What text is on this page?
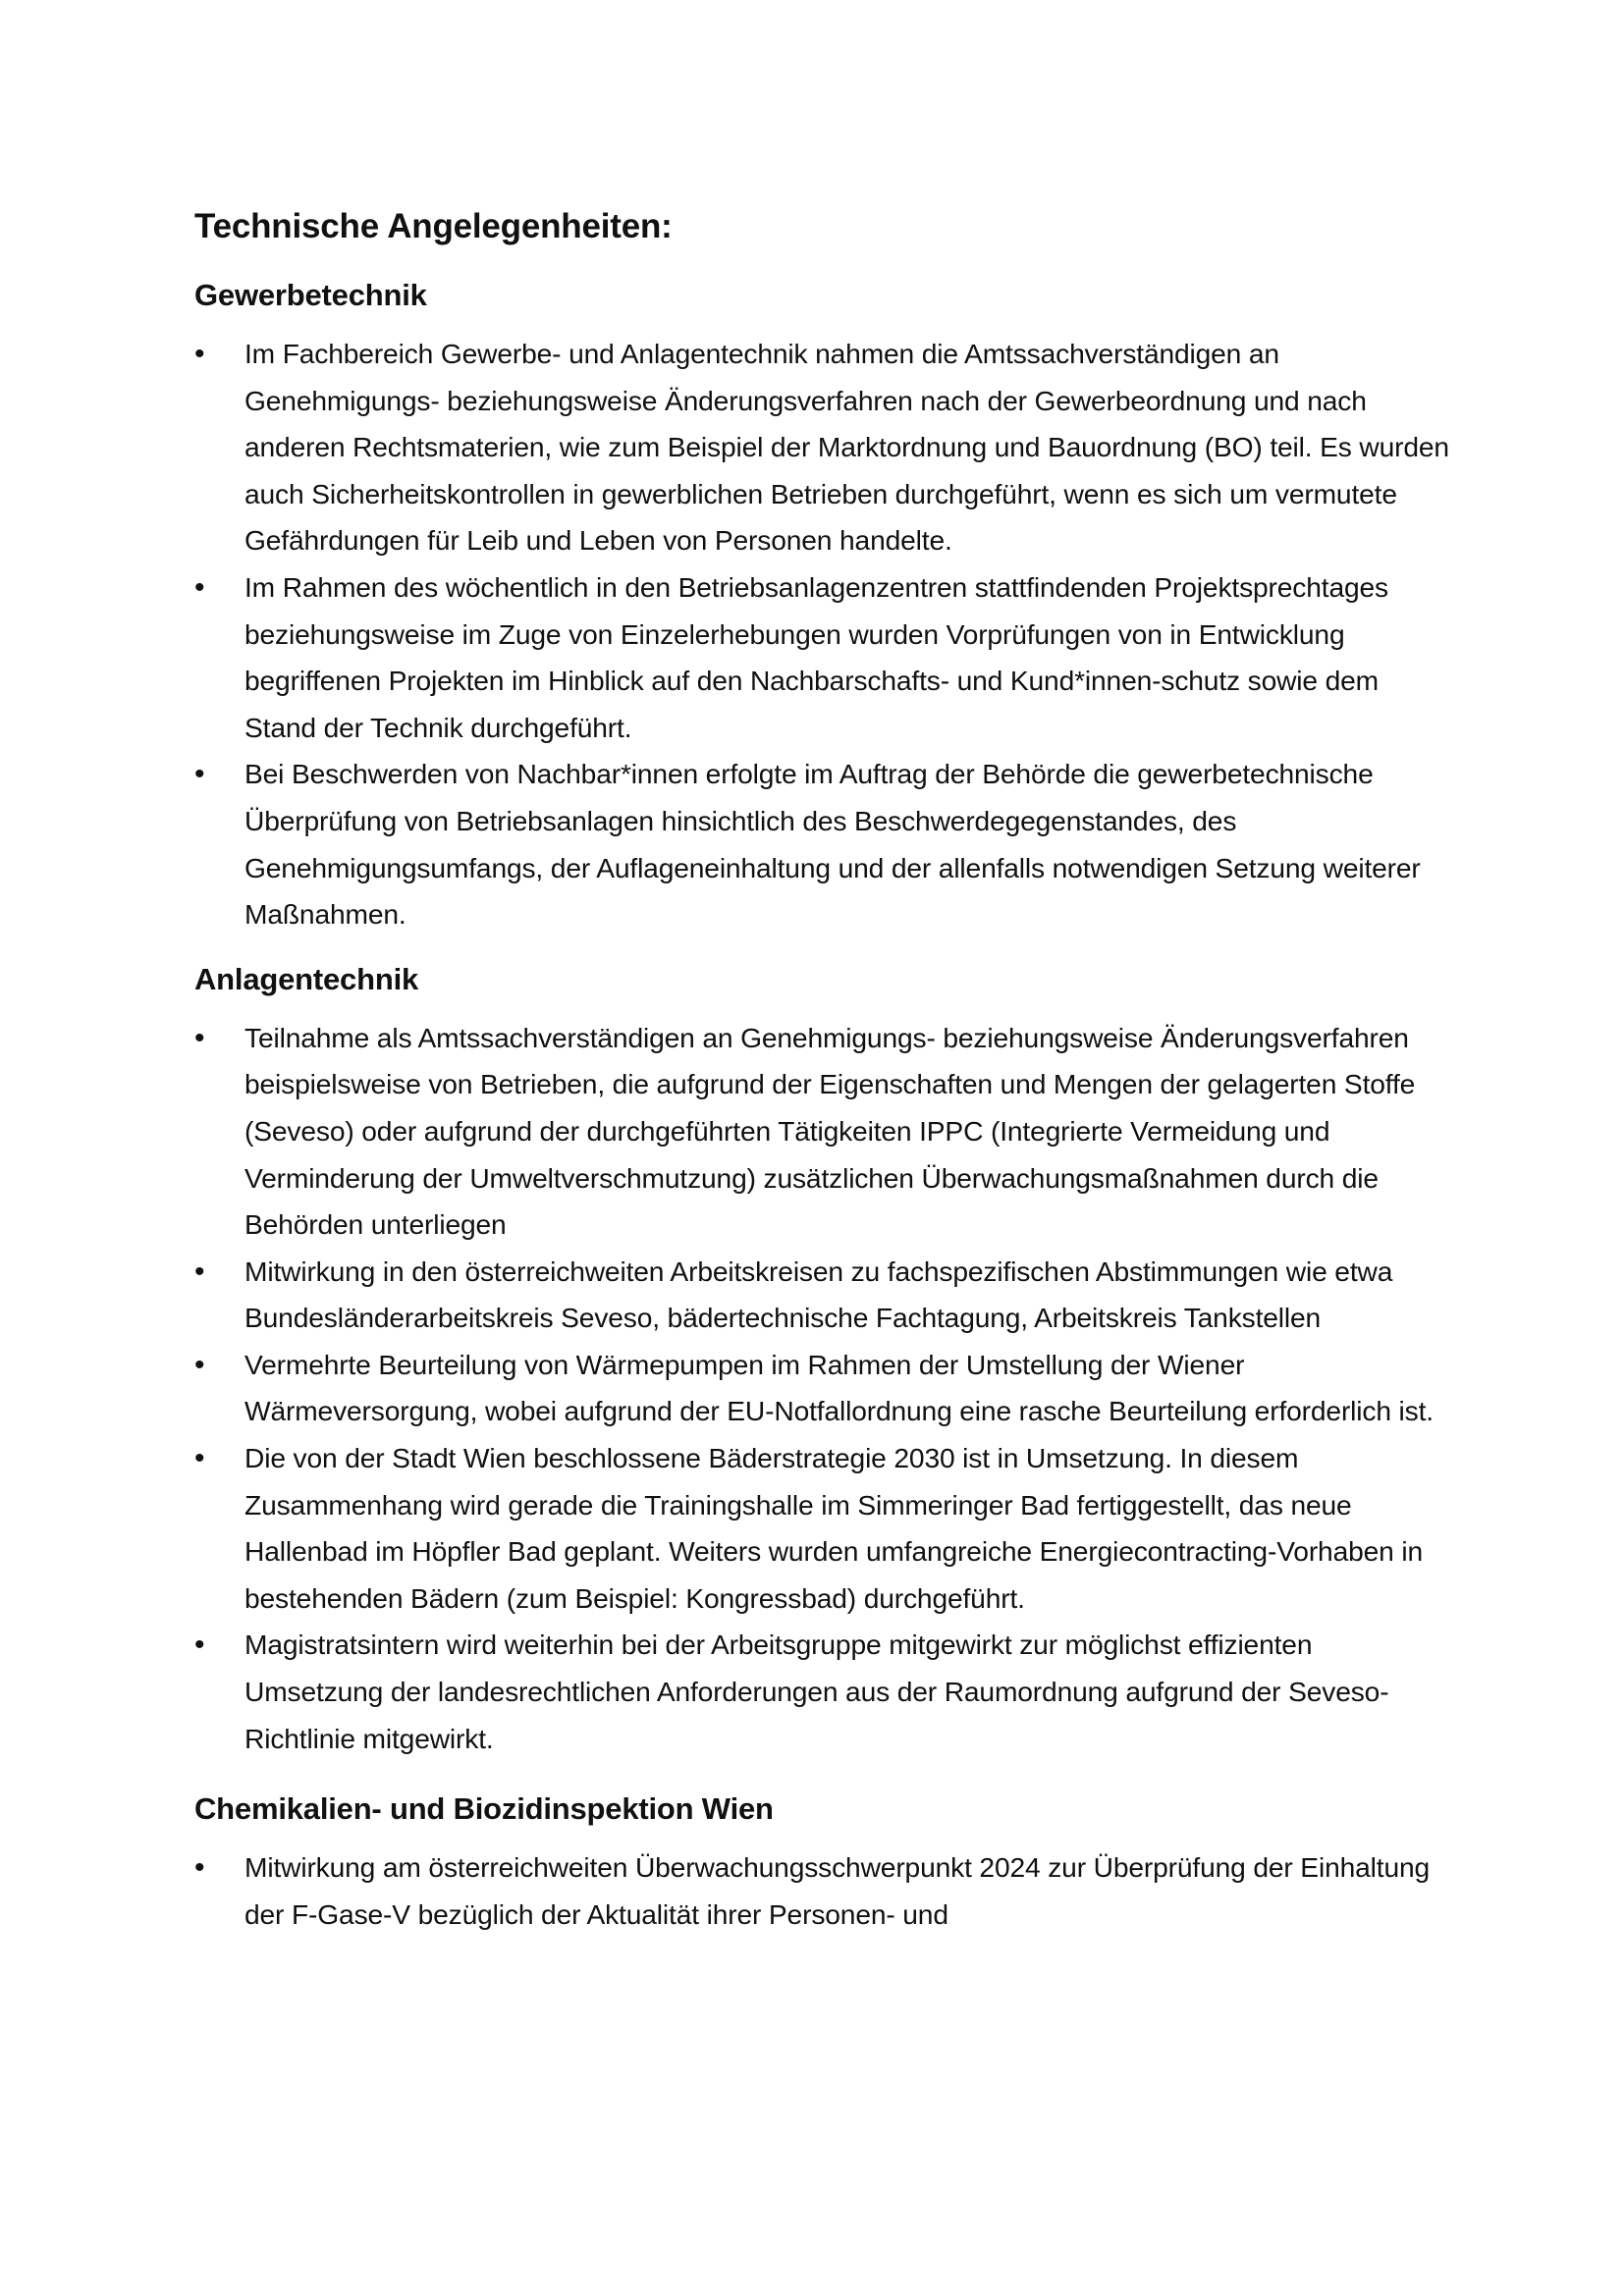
Technische Angelegenheiten:
Gewerbetechnik
•	Im Fachbereich Gewerbe- und Anlagentechnik nahmen die Amtssachverständigen an Genehmigungs- beziehungsweise Änderungsverfahren nach der Gewerbeordnung und nach anderen Rechtsmaterien, wie zum Beispiel der Marktordnung und Bauordnung (BO) teil. Es wurden auch Sicherheitskontrollen in gewerblichen Betrieben durchgeführt, wenn es sich um vermutete Gefährdungen für Leib und Leben von Personen handelte.
•	Im Rahmen des wöchentlich in den Betriebsanlagenzentren stattfindenden Projektsprechtages beziehungsweise im Zuge von Einzelerhebungen wurden Vorprüfungen von in Entwicklung begriffenen Projekten im Hinblick auf den Nachbarschafts- und Kund*innen-schutz sowie dem Stand der Technik durchgeführt.
•	Bei Beschwerden von Nachbar*innen erfolgte im Auftrag der Behörde die gewerbetechnische Überprüfung von Betriebsanlagen hinsichtlich des Beschwerdegegenstandes, des Genehmigungsumfangs, der Auflageneinhaltung und der allenfalls notwendigen Setzung weiterer Maßnahmen.
Anlagentechnik
•	Teilnahme als Amtssachverständigen an Genehmigungs- beziehungsweise Änderungsverfahren beispielsweise von Betrieben, die aufgrund der Eigenschaften und Mengen der gelagerten Stoffe (Seveso) oder aufgrund der durchgeführten Tätigkeiten IPPC (Integrierte Vermeidung und Verminderung der Umweltverschmutzung) zusätzlichen Überwachungsmaßnahmen durch die Behörden unterliegen
•	Mitwirkung in den österreichweiten Arbeitskreisen zu fachspezifischen Abstimmungen wie etwa Bundesländerarbeitskreis Seveso, bädertechnische Fachtagung, Arbeitskreis Tankstellen
•	Vermehrte Beurteilung von Wärmepumpen im Rahmen der Umstellung der Wiener Wärmeversorgung, wobei aufgrund der EU-Notfallordnung eine rasche Beurteilung erforderlich ist.
•	Die von der Stadt Wien beschlossene Bäderstrategie 2030 ist in Umsetzung. In diesem Zusammenhang wird gerade die Trainingshalle im Simmeringer Bad fertiggestellt, das neue Hallenbad im Höpfler Bad geplant. Weiters wurden umfangreiche Energiecontracting-Vorhaben in bestehenden Bädern (zum Beispiel: Kongressbad) durchgeführt.
•	Magistratsintern wird weiterhin bei der Arbeitsgruppe mitgewirkt zur möglichst effizienten Umsetzung der landesrechtlichen Anforderungen aus der Raumordnung aufgrund der Seveso-Richtlinie mitgewirkt.
Chemikalien- und Biozidinspektion Wien
•	Mitwirkung am österreichweiten Überwachungsschwerpunkt 2024 zur Überprüfung der Einhaltung der F-Gase-V bezüglich der Aktualität ihrer Personen- und
